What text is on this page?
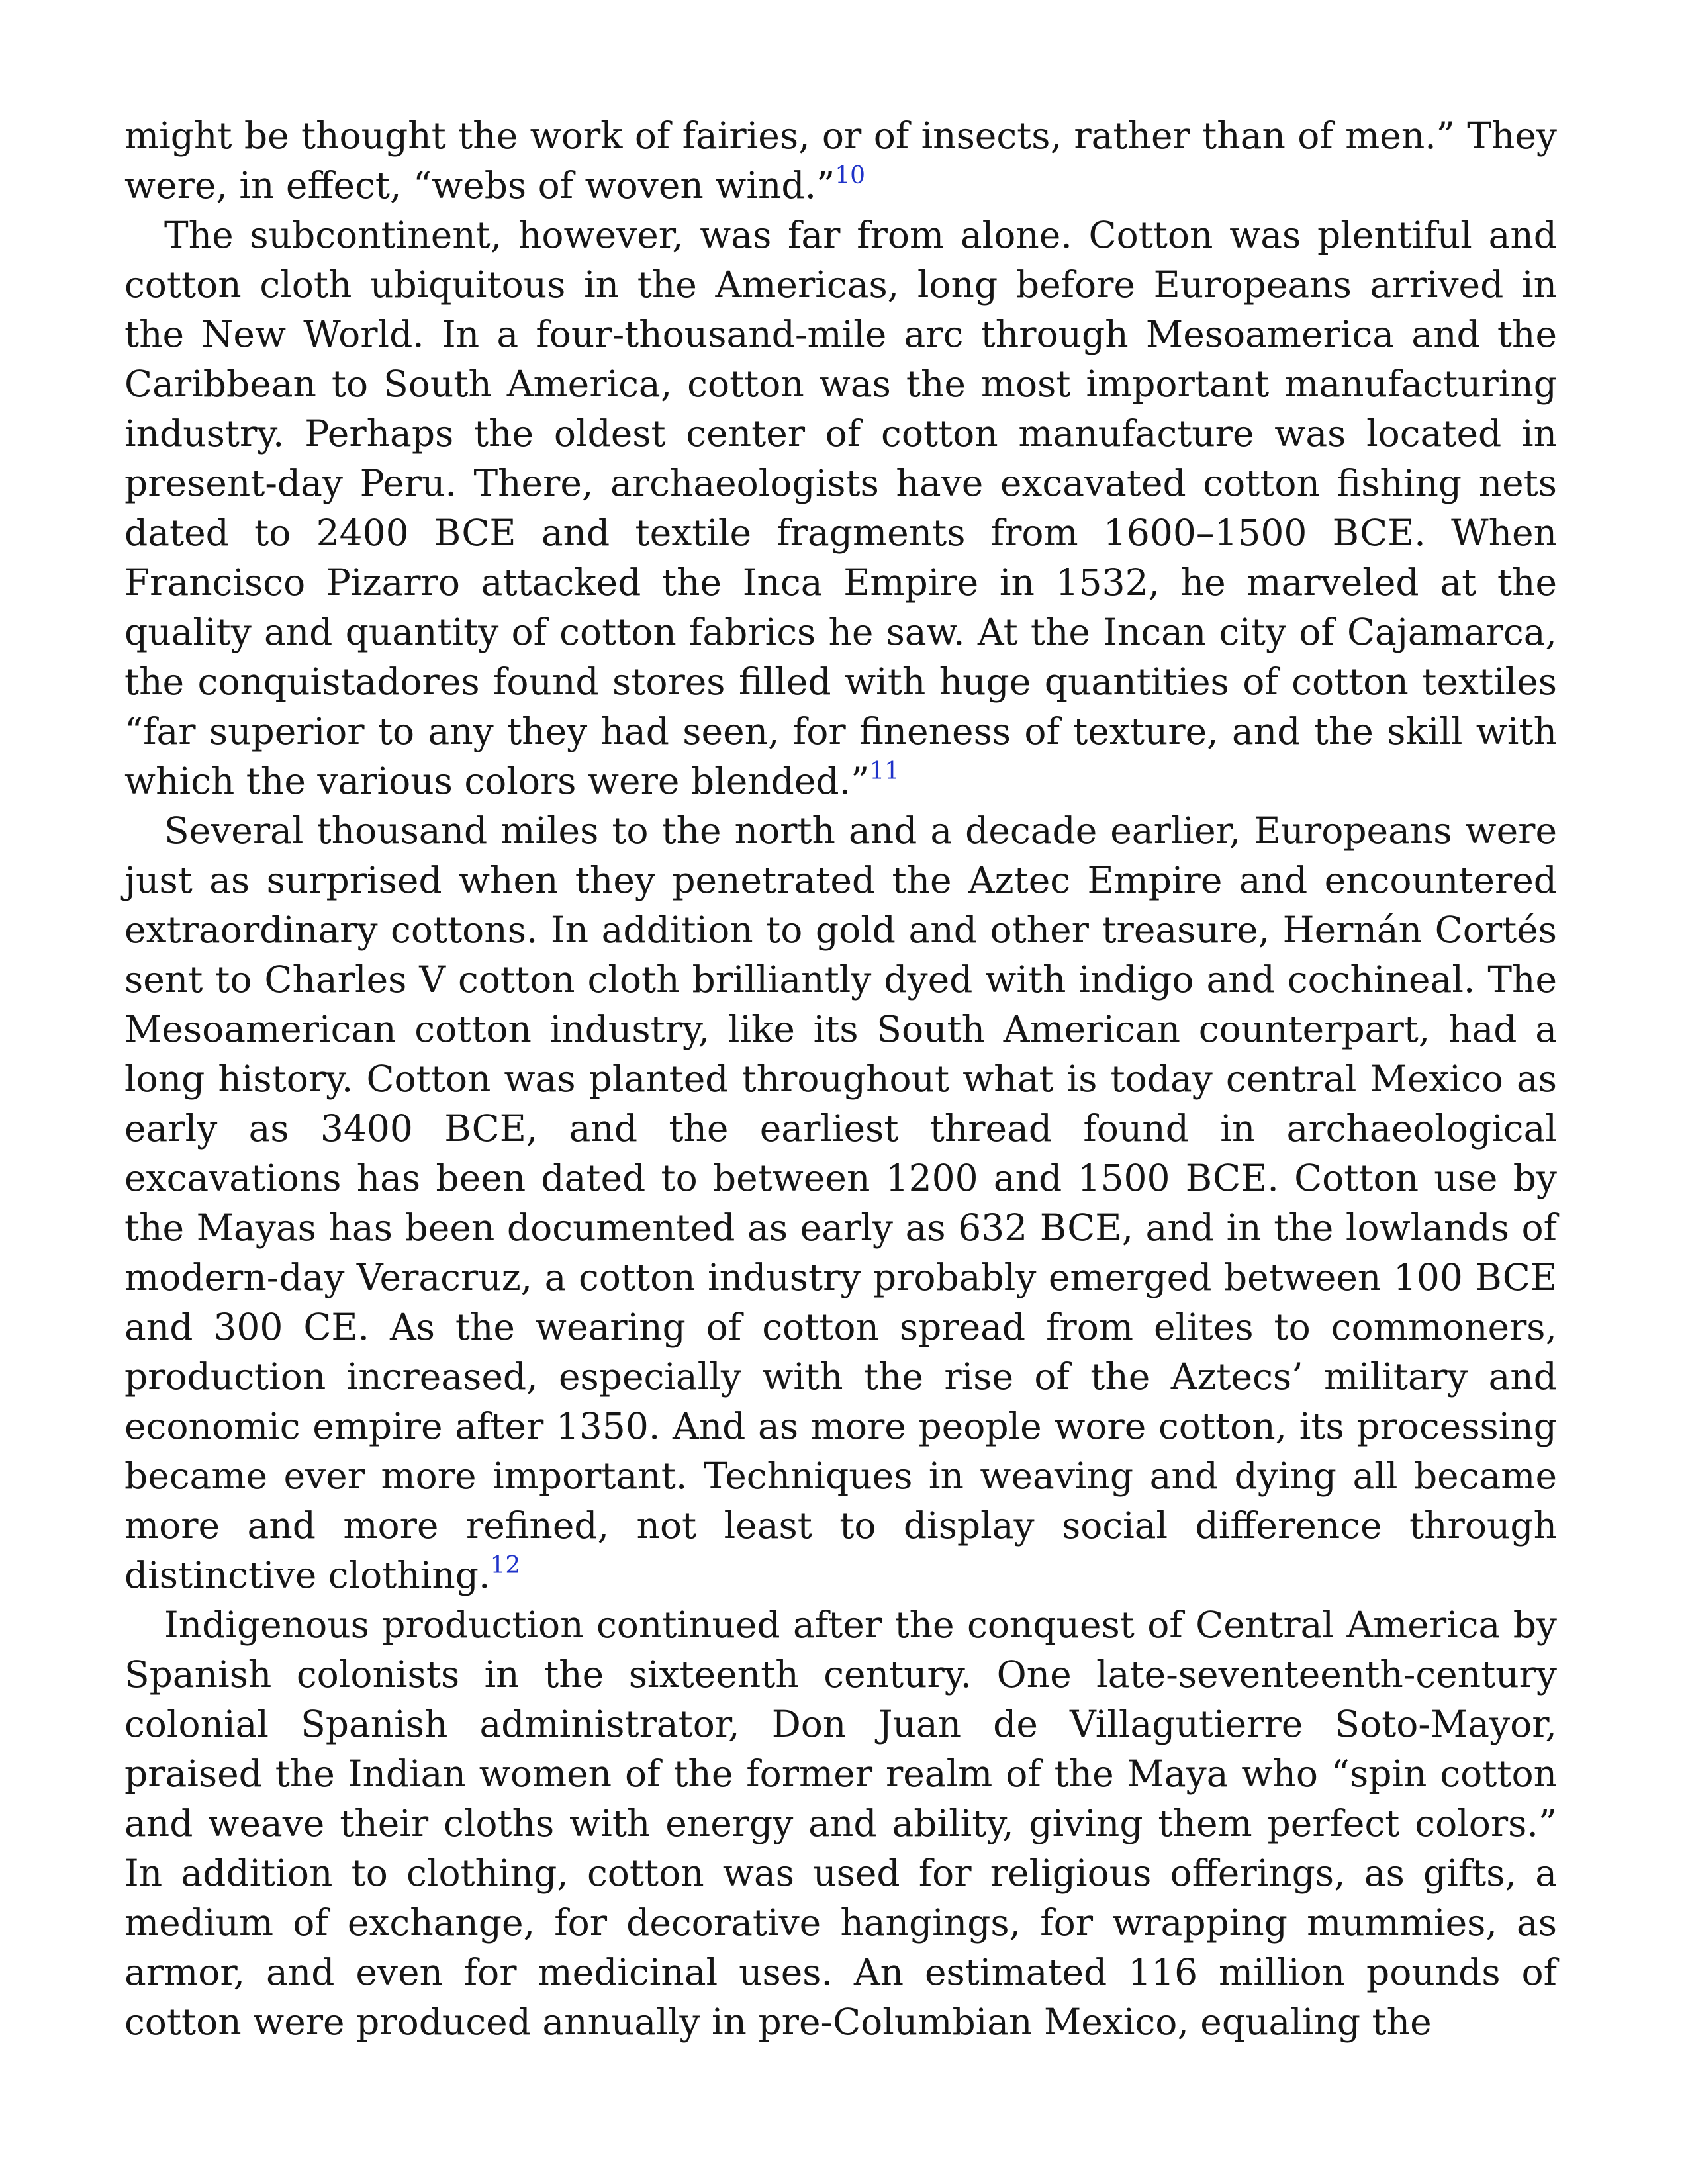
might be thought the work of fairies, or of insects, rather than of men.” They were, in effect, “webs of woven wind.”$^{10}$

The subcontinent, however, was far from alone. Cotton was plentiful and cotton cloth ubiquitous in the Americas, long before Europeans arrived in the New World. In a four-thousand-mile arc through Mesoamerica and the Caribbean to South America, cotton was the most important manufacturing industry. Perhaps the oldest center of cotton manufacture was located in present-day Peru. There, archaeologists have excavated cotton fishing nets dated to 2400 BCE and textile fragments from 1600–1500 BCE. When Francisco Pizarro attacked the Inca Empire in 1532, he marveled at the quality and quantity of cotton fabrics he saw. At the Incan city of Cajamarca, the conquistadores found stores filled with huge quantities of cotton textiles “far superior to any they had seen, for fineness of texture, and the skill with which the various colors were blended.”$^{11}$

Several thousand miles to the north and a decade earlier, Europeans were just as surprised when they penetrated the Aztec Empire and encountered extraordinary cottons. In addition to gold and other treasure, Hernán Cortés sent to Charles V cotton cloth brilliantly dyed with indigo and cochineal. The Mesoamerican cotton industry, like its South American counterpart, had a long history. Cotton was planted throughout what is today central Mexico as early as 3400 BCE, and the earliest thread found in archaeological excavations has been dated to between 1200 and 1500 BCE. Cotton use by the Mayas has been documented as early as 632 BCE, and in the lowlands of modern-day Veracruz, a cotton industry probably emerged between 100 BCE and 300 CE. As the wearing of cotton spread from elites to commoners, production increased, especially with the rise of the Aztecs’ military and economic empire after 1350. And as more people wore cotton, its processing became ever more important. Techniques in weaving and dying all became more and more refined, not least to display social difference through distinctive clothing.$^{12}$

Indigenous production continued after the conquest of Central America by Spanish colonists in the sixteenth century. One late-seventeenth-century colonial Spanish administrator, Don Juan de Villagutierre Soto-Mayor, praised the Indian women of the former realm of the Maya who “spin cotton and weave their cloths with energy and ability, giving them perfect colors.” In addition to clothing, cotton was used for religious offerings, as gifts, a medium of exchange, for decorative hangings, for wrapping mummies, as armor, and even for medicinal uses. An estimated 116 million pounds of cotton were produced annually in pre-Columbian Mexico, equaling the
